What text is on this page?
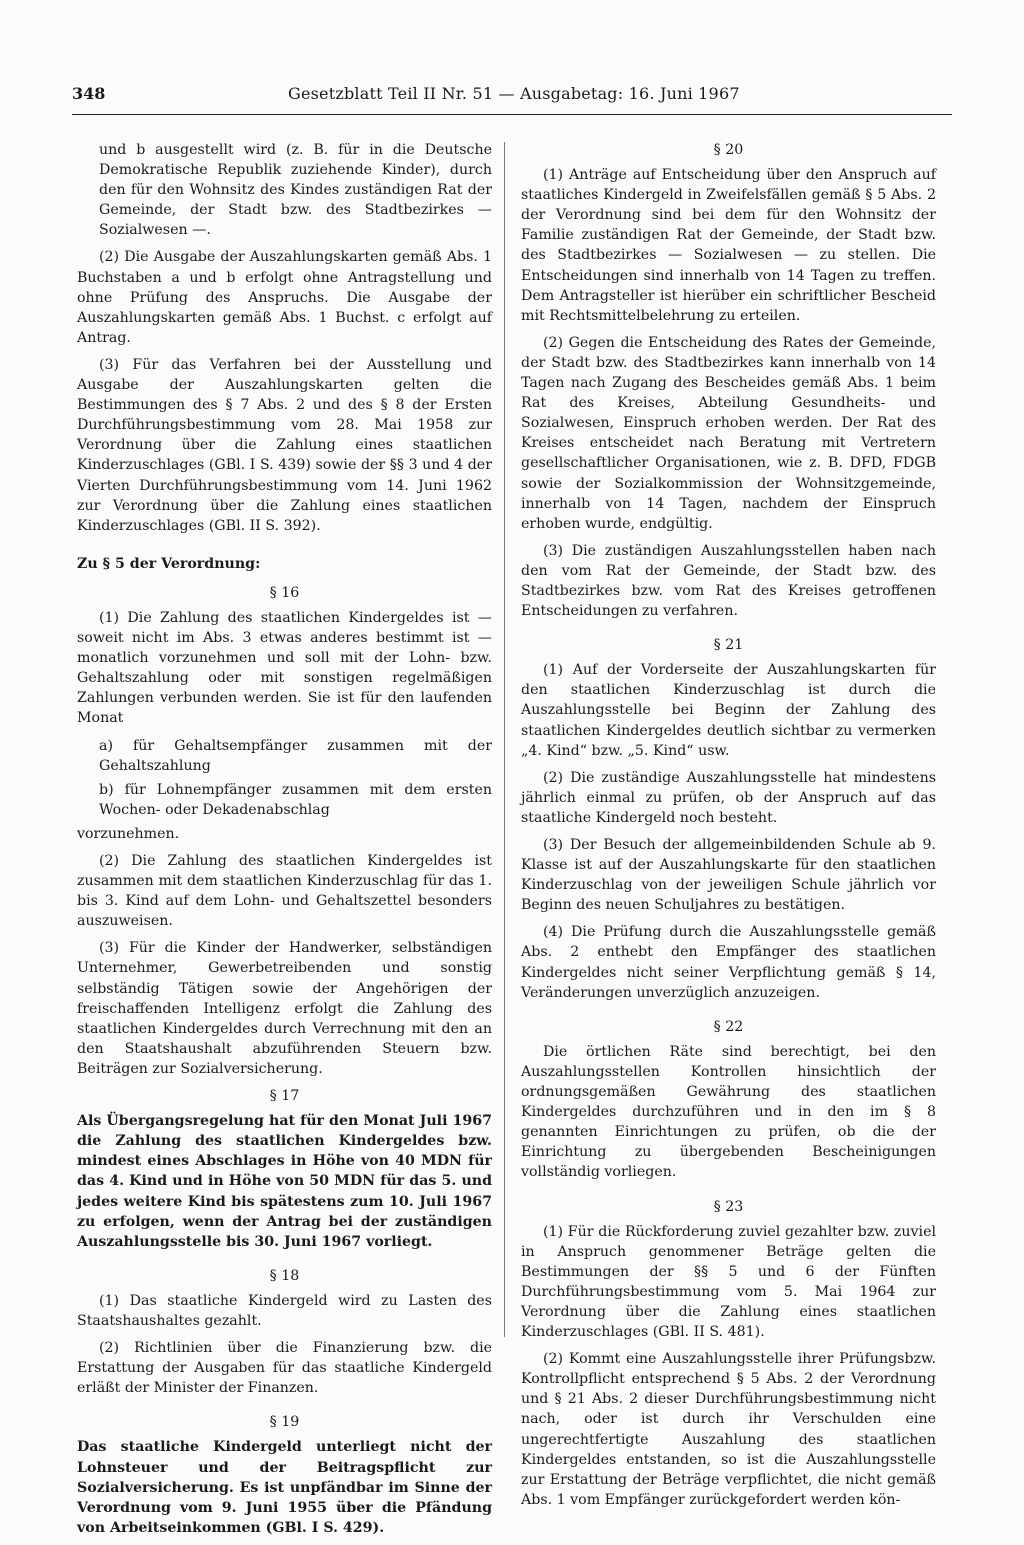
348	Gesetzblatt Teil II Nr. 51 — Ausgabetag: 16. Juni 1967

und b ausgestellt wird (z. B. für in die Deutsche Demokratische Republik zuziehende Kinder), durch den für den Wohnsitz des Kindes zuständigen Rat der Gemeinde, der Stadt bzw. des Stadtbezirkes — Sozialwesen —.

(2) Die Ausgabe der Auszahlungskarten gemäß Abs. 1 Buchstaben a und b erfolgt ohne Antragstellung und ohne Prüfung des Anspruchs. Die Ausgabe der Auszahlungskarten gemäß Abs. 1 Buchst. c erfolgt auf Antrag.

(3) Für das Verfahren bei der Ausstellung und Ausgabe der Auszahlungskarten gelten die Bestimmungen des § 7 Abs. 2 und des § 8 der Ersten Durchführungsbestimmung vom 28. Mai 1958 zur Verordnung über die Zahlung eines staatlichen Kinderzuschlages (GBl. I S. 439) sowie der §§ 3 und 4 der Vierten Durchführungsbestimmung vom 14. Juni 1962 zur Verordnung über die Zahlung eines staatlichen Kinderzuschlages (GBl. II S. 392).

Zu § 5 der Verordnung:
§ 16

(1) Die Zahlung des staatlichen Kindergeldes ist — soweit nicht im Abs. 3 etwas anderes bestimmt ist — monatlich vorzunehmen und soll mit der Lohn- bzw. Gehaltszahlung oder mit sonstigen regelmäßigen Zahlungen verbunden werden. Sie ist für den laufenden Monat

a) für Gehaltsempfänger zusammen mit der Gehaltszahlung

b) für Lohnempfänger zusammen mit dem ersten Wochen- oder Dekadenabschlag

vorzunehmen.

(2) Die Zahlung des staatlichen Kindergeldes ist zusammen mit dem staatlichen Kinderzuschlag für das 1. bis 3. Kind auf dem Lohn- und Gehaltszettel besonders auszuweisen.

(3) Für die Kinder der Handwerker, selbständigen Unternehmer, Gewerbetreibenden und sonstig selbständig Tätigen sowie der Angehörigen der freischaffenden Intelligenz erfolgt die Zahlung des staatlichen Kindergeldes durch Verrechnung mit den an den Staatshaushalt abzuführenden Steuern bzw. Beiträgen zur Sozialversicherung.

§ 17

Als Übergangsregelung hat für den Monat Juli 1967 die Zahlung des staatlichen Kindergeldes bzw. mindest eines Abschlages in Höhe von 40 MDN für das 4. Kind und in Höhe von 50 MDN für das 5. und jedes weitere Kind bis spätestens zum 10. Juli 1967 zu erfolgen, wenn der Antrag bei der zuständigen Auszahlungsstelle bis 30. Juni 1967 vorliegt.

§ 18

(1) Das staatliche Kindergeld wird zu Lasten des Staatshaushaltes gezahlt.

(2) Richtlinien über die Finanzierung bzw. die Erstattung der Ausgaben für das staatliche Kindergeld erläßt der Minister der Finanzen.

§ 19

Das staatliche Kindergeld unterliegt nicht der Lohnsteuer und der Beitragspflicht zur Sozialversicherung. Es ist unpfändbar im Sinne der Verordnung vom 9. Juni 1955 über die Pfändung von Arbeitseinkommen (GBl. I S. 429).

§ 20

(1) Anträge auf Entscheidung über den Anspruch auf staatliches Kindergeld in Zweifelsfällen gemäß § 5 Abs. 2 der Verordnung sind bei dem für den Wohnsitz der Familie zuständigen Rat der Gemeinde, der Stadt bzw. des Stadtbezirkes — Sozialwesen — zu stellen. Die Entscheidungen sind innerhalb von 14 Tagen zu treffen. Dem Antragsteller ist hierüber ein schriftlicher Bescheid mit Rechtsmittelbelehrung zu erteilen.

(2) Gegen die Entscheidung des Rates der Gemeinde, der Stadt bzw. des Stadtbezirkes kann innerhalb von 14 Tagen nach Zugang des Bescheides gemäß Abs. 1 beim Rat des Kreises, Abteilung Gesundheits- und Sozialwesen, Einspruch erhoben werden. Der Rat des Kreises entscheidet nach Beratung mit Vertretern gesellschaftlicher Organisationen, wie z. B. DFD, FDGB sowie der Sozialkommission der Wohnsitzgemeinde, innerhalb von 14 Tagen, nachdem der Einspruch erhoben wurde, endgültig.

(3) Die zuständigen Auszahlungsstellen haben nach den vom Rat der Gemeinde, der Stadt bzw. des Stadtbezirkes bzw. vom Rat des Kreises getroffenen Entscheidungen zu verfahren.

§ 21

(1) Auf der Vorderseite der Auszahlungskarten für den staatlichen Kinderzuschlag ist durch die Auszahlungsstelle bei Beginn der Zahlung des staatlichen Kindergeldes deutlich sichtbar zu vermerken „4. Kind“ bzw. „5. Kind“ usw.

(2) Die zuständige Auszahlungsstelle hat mindestens jährlich einmal zu prüfen, ob der Anspruch auf das staatliche Kindergeld noch besteht.

(3) Der Besuch der allgemeinbildenden Schule ab 9. Klasse ist auf der Auszahlungskarte für den staatlichen Kinderzuschlag von der jeweiligen Schule jährlich vor Beginn des neuen Schuljahres zu bestätigen.

(4) Die Prüfung durch die Auszahlungsstelle gemäß Abs. 2 enthebt den Empfänger des staatlichen Kindergeldes nicht seiner Verpflichtung gemäß § 14, Veränderungen unverzüglich anzuzeigen.

§ 22

Die örtlichen Räte sind berechtigt, bei den Auszahlungsstellen Kontrollen hinsichtlich der ordnungsgemäßen Gewährung des staatlichen Kindergeldes durchzuführen und in den im § 8 genannten Einrichtungen zu prüfen, ob die der Einrichtung zu übergebenden Bescheinigungen vollständig vorliegen.

§ 23

(1) Für die Rückforderung zuviel gezahlter bzw. zuviel in Anspruch genommener Beträge gelten die Bestimmungen der §§ 5 und 6 der Fünften Durchführungsbestimmung vom 5. Mai 1964 zur Verordnung über die Zahlung eines staatlichen Kinderzuschlages (GBl. II S. 481).

(2) Kommt eine Auszahlungsstelle ihrer Prüfungsbzw. Kontrollpflicht entsprechend § 5 Abs. 2 der Verordnung und § 21 Abs. 2 dieser Durchführungsbestimmung nicht nach, oder ist durch ihr Verschulden eine ungerechtfertigte Auszahlung des staatlichen Kindergeldes entstanden, so ist die Auszahlungsstelle zur Erstattung der Beträge verpflichtet, die nicht gemäß Abs. 1 vom Empfänger zurückgefordert werden kön-
